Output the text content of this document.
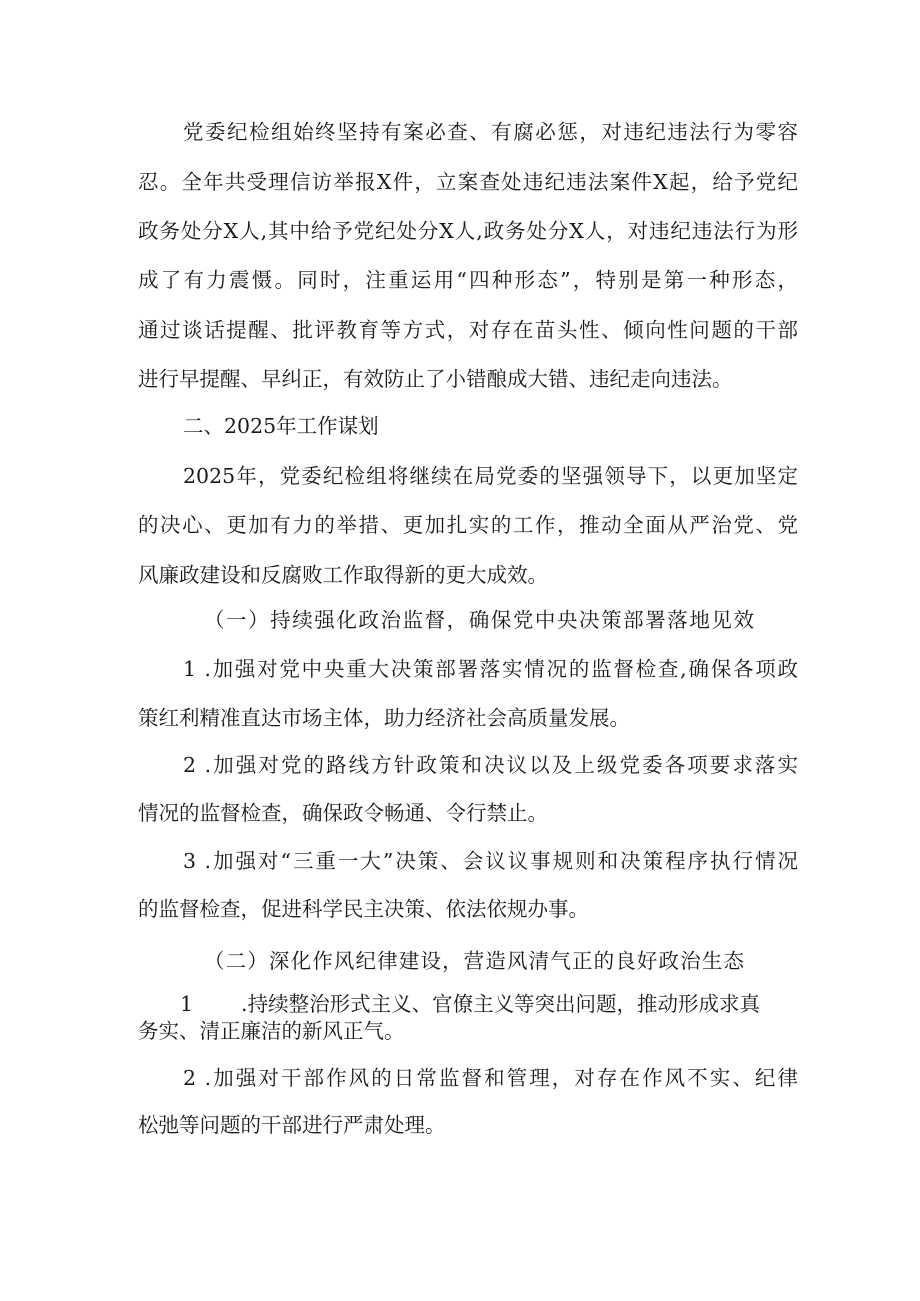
党委纪检组始终坚持有案必查、有腐必惩，对违纪违法行为零容
忍。全年共受理信访举报X件，立案查处违纪违法案件X起，给予党纪
政务处分X人,其中给予党纪处分X人,政务处分X人，对违纪违法行为形
成了有力震慑。同时，注重运用“四种形态”，特别是第一种形态，
通过谈话提醒、批评教育等方式，对存在苗头性、倾向性问题的干部
进行早提醒、早纠正，有效防止了小错酿成大错、违纪走向违法。
二、2025年工作谋划
2025年，党委纪检组将继续在局党委的坚强领导下，以更加坚定
的决心、更加有力的举措、更加扎实的工作，推动全面从严治党、党
风廉政建设和反腐败工作取得新的更大成效。
（一）持续强化政治监督，确保党中央决策部署落地见效
1 .加强对党中央重大决策部署落实情况的监督检查,确保各项政
策红利精准直达市场主体，助力经济社会高质量发展。
2 .加强对党的路线方针政策和决议以及上级党委各项要求落实
情况的监督检查，确保政令畅通、令行禁止。
3 .加强对“三重一大”决策、会议议事规则和决策程序执行情况
的监督检查，促进科学民主决策、依法依规办事。
（二）深化作风纪律建设，营造风清气正的良好政治生态
1 .持续整治形式主义、官僚主义等突出问题，推动形成求真
务实、清正廉洁的新风正气。
2 .加强对干部作风的日常监督和管理，对存在作风不实、纪律
松弛等问题的干部进行严肃处理。
